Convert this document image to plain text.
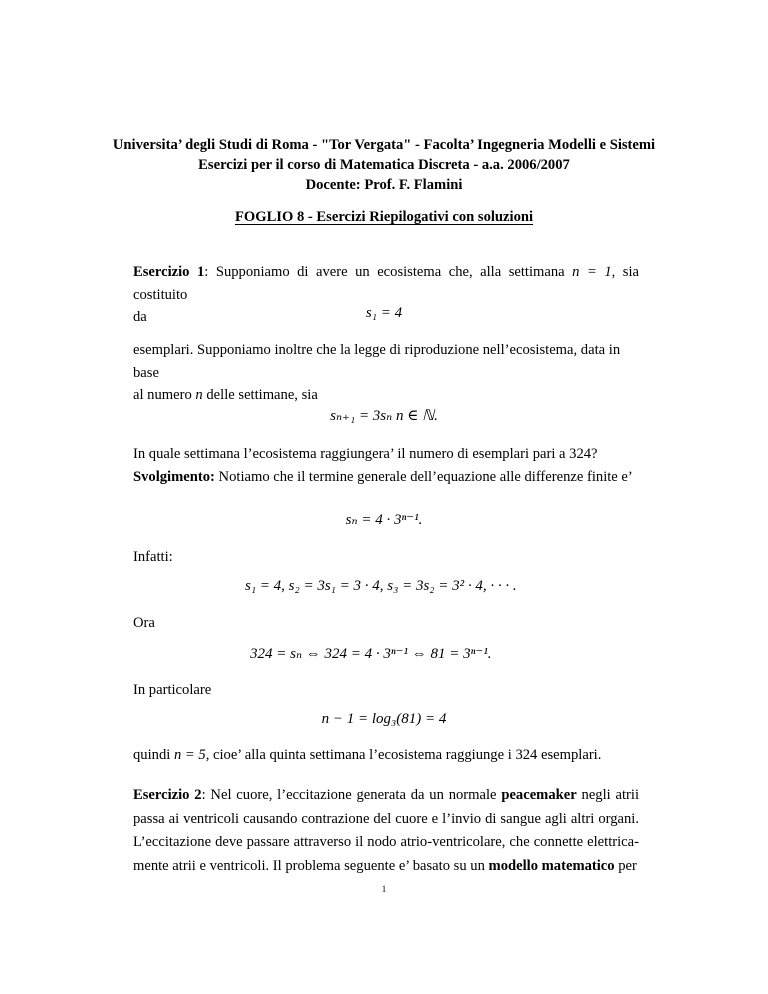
Universita’ degli Studi di Roma - "Tor Vergata" - Facolta’ Ingegneria Modelli e Sistemi
Esercizi per il corso di Matematica Discreta - a.a. 2006/2007
Docente: Prof. F. Flamini
FOGLIO 8 - Esercizi Riepilogativi con soluzioni
Esercizio 1: Supponiamo di avere un ecosistema che, alla settimana n = 1, sia costituito
da	s₁ = 4
esemplari. Supponiamo inoltre che la legge di riproduzione nell’ecosistema, data in base
al numero n delle settimane, sia
sₙ₊₁ = 3sₙ n ∈ ℕ.
In quale settimana l’ecosistema raggiungera’ il numero di esemplari pari a 324?
Svolgimento: Notiamo che il termine generale dell’equazione alle differenze finite e’
sₙ = 4 · 3ⁿ⁻¹.
Infatti:
s₁ = 4, s₂ = 3s₁ = 3 · 4, s₃ = 3s₂ = 3² · 4, · · · .
Ora
324 = sₙ ⇔ 324 = 4 · 3ⁿ⁻¹ ⇔ 81 = 3ⁿ⁻¹.
In particolare
n − 1 = log₃(81) = 4
quindi n = 5, cioe’ alla quinta settimana l’ecosistema raggiunge i 324 esemplari.
Esercizio 2: Nel cuore, l’eccitazione generata da un normale peacemaker negli atrii passa ai ventricoli causando contrazione del cuore e l’invio di sangue agli altri organi. L’eccitazione deve passare attraverso il nodo atrio-ventricolare, che connette elettrica- mente atrii e ventricoli. Il problema seguente e’ basato su un modello matematico per
1
